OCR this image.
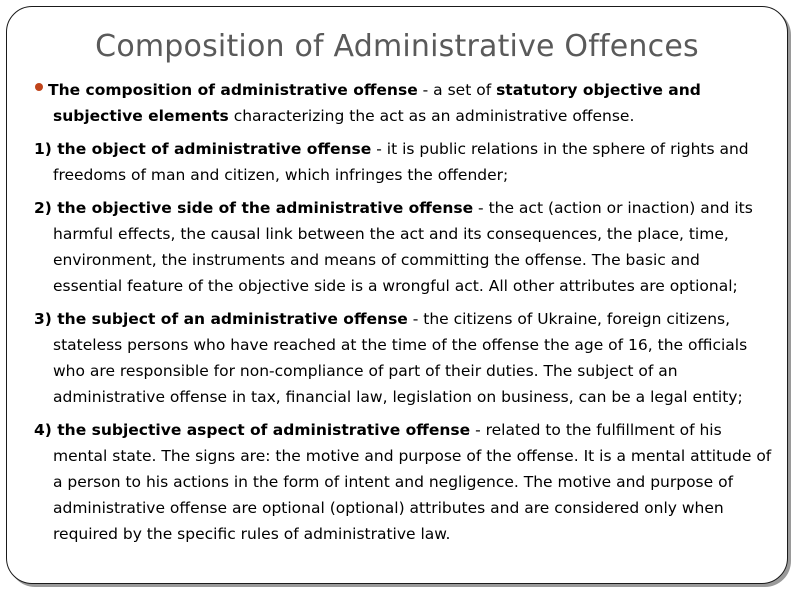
Composition of Administrative Offences
The composition of administrative offense - a set of statutory objective and subjective elements characterizing the act as an administrative offense.
1) the object of administrative offense - it is public relations in the sphere of rights and freedoms of man and citizen, which infringes the offender;
2) the objective side of the administrative offense - the act (action or inaction) and its harmful effects, the causal link between the act and its consequences, the place, time, environment, the instruments and means of committing the offense. The basic and essential feature of the objective side is a wrongful act. All other attributes are optional;
3) the subject of an administrative offense - the citizens of Ukraine, foreign citizens, stateless persons who have reached at the time of the offense the age of 16, the officials who are responsible for non-compliance of part of their duties. The subject of an administrative offense in tax, financial law, legislation on business, can be a legal entity;
4) the subjective aspect of administrative offense - related to the fulfillment of his mental state. The signs are: the motive and purpose of the offense. It is a mental attitude of a person to his actions in the form of intent and negligence. The motive and purpose of administrative offense are optional (optional) attributes and are considered only when required by the specific rules of administrative law.
